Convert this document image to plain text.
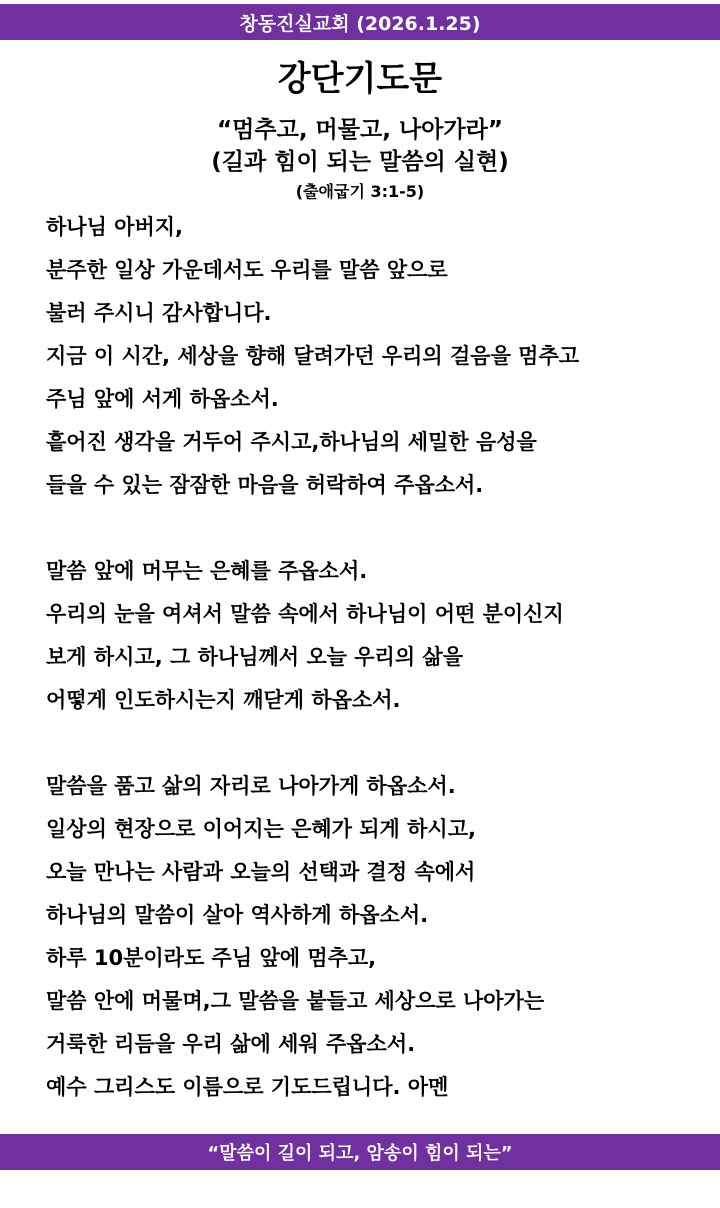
창동진실교회 (2026.1.25)
강단기도문
“멈추고, 머물고, 나아가라”
(길과 힘이 되는 말씀의 실현)
(출애굽기 3:1-5)
하나님 아버지,
분주한 일상 가운데서도 우리를 말씀 앞으로
불러 주시니 감사합니다.
지금 이 시간, 세상을 향해 달려가던 우리의 걸음을 멈추고
주님 앞에 서게 하옵소서.
흩어진 생각을 거두어 주시고,하나님의 세밀한 음성을
들을 수 있는 잠잠한 마음을 허락하여 주옵소서.
말씀 앞에 머무는 은혜를 주옵소서.
우리의 눈을 여셔서 말씀 속에서 하나님이 어떤 분이신지
보게 하시고, 그 하나님께서 오늘 우리의 삶을
어떻게 인도하시는지 깨닫게 하옵소서.
말씀을 품고 삶의 자리로 나아가게 하옵소서.
일상의 현장으로 이어지는 은혜가 되게 하시고,
오늘 만나는 사람과 오늘의 선택과 결정 속에서
하나님의 말씀이 살아 역사하게 하옵소서.
하루 10분이라도 주님 앞에 멈추고,
말씀 안에 머물며,그 말씀을 붙들고 세상으로 나아가는
거룩한 리듬을 우리 삶에 세워 주옵소서.
예수 그리스도 이름으로 기도드립니다. 아멘
“말씀이 길이 되고, 암송이 힘이 되는”
